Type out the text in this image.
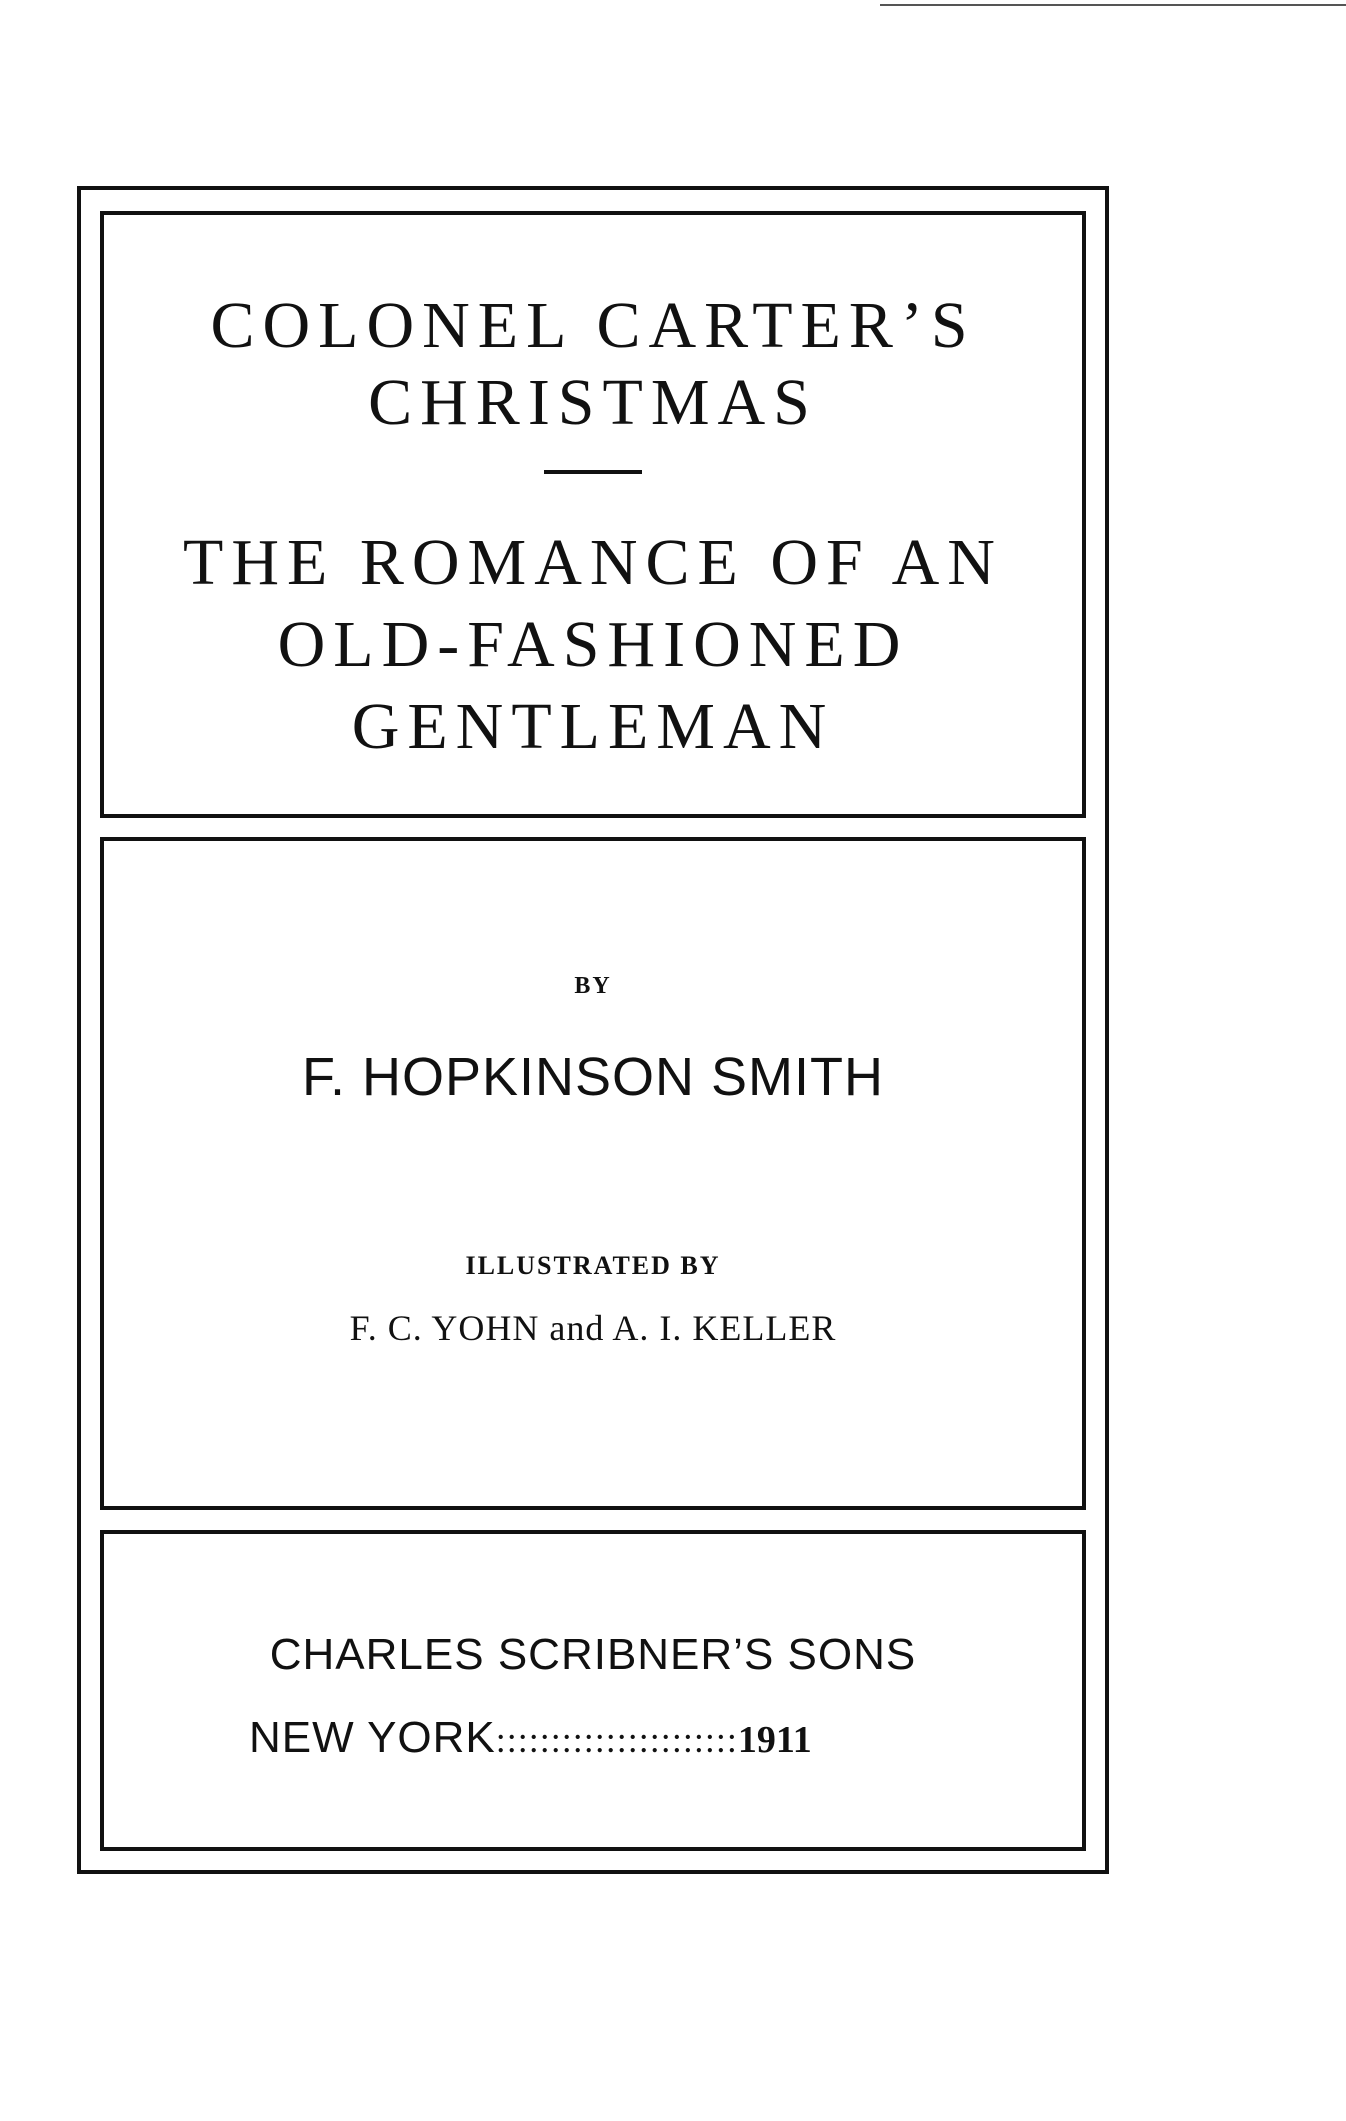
COLONEL CARTER’S
CHRISTMAS
THE ROMANCE OF AN
OLD-FASHIONED
GENTLEMAN
BY
F. HOPKINSON SMITH
ILLUSTRATED BY
F. C. YOHN and A. I. KELLER
CHARLES SCRIBNER’S SONS
NEW YORK::::::::::::::::::::::1911
